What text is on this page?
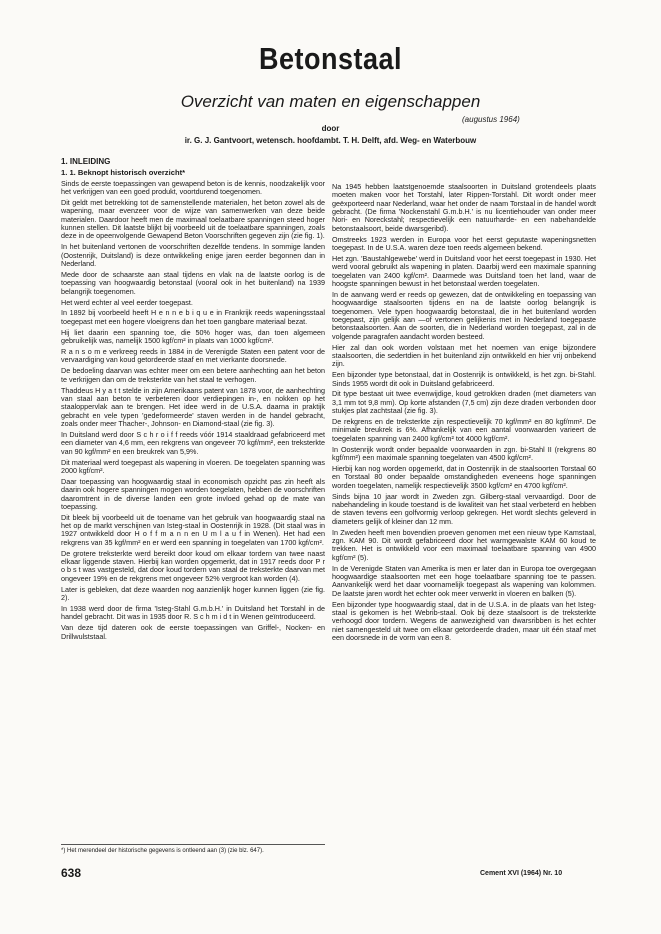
Betonstaal
Overzicht van maten en eigenschappen
(augustus 1964)
door
ir. G. J. Gantvoort, wetensch. hoofdambt. T. H. Delft, afd. Weg- en Waterbouw
1. INLEIDING
1. 1. Beknopt historisch overzicht*
Sinds de eerste toepassingen van gewapend beton is de kennis, noodzakelijk voor het verkrijgen van een goed produkt, voortdurend toegenomen.
Dit geldt met betrekking tot de samenstellende materialen, het beton zowel als de wapening, maar evenzeer voor de wijze van samenwerken van deze beide materialen. Daardoor heeft men de maximaal toelaatbare spanningen steed hoger kunnen stellen. Dit laatste blijkt bij voorbeeld uit de toelaatbare spanningen, zoals deze in de opeenvolgende Gewapend Beton Voorschriften gegeven zijn (zie fig. 1).
In het buitenland vertonen de voorschriften dezelfde tendens. In sommige landen (Oostenrijk, Duitsland) is deze ontwikkeling enige jaren eerder begonnen dan in Nederland.
Mede door de schaarste aan staal tijdens en vlak na de laatste oorlog is de toepassing van hoogwaardig betonstaal (vooral ook in het buitenland) na 1939 belangrijk toegenomen.
Het werd echter al veel eerder toegepast.
In 1892 bij voorbeeld heeft H e n n e b i q u e in Frankrijk reeds wapeningsstaal toegepast met een hogere vloeigrens dan het toen gangbare materiaal bezat.
Hij liet daarin een spanning toe, die 50% hoger was, dan toen algemeen gebruikelijk was, namelijk 1500 kgf/cm² in plaats van 1000 kgf/cm².
R a n s o m e verkreeg reeds in 1884 in de Verenigde Staten een patent voor de vervaardiging van koud getordeerde staaf en met vierkante doorsnede.
De bedoeling daarvan was echter meer om een betere aanhechting aan het beton te verkrijgen dan om de treksterkte van het staal te verhogen.
Thaddeus H y a t t stelde in zijn Amerikaans patent van 1878 voor, de aanhechting van staal aan beton te verbeteren door verdiepingen in-, en nokken op het staaloppervlak aan te brengen. Het idee werd in de U.S.A. daarna in praktijk gebracht en vele typen 'gedeformeerde' staven werden in de handel gebracht, zoals onder meer Thacher-, Johnson- en Diamond-staal (zie fig. 3).
In Duitsland werd door S c h r o i f f reeds vóór 1914 staaldraad gefabriceerd met een diameter van 4,6 mm, een rekgrens van ongeveer 70 kgf/mm², een treksterkte van 90 kgf/mm² en een breukrek van 5,9%.
Dit materiaal werd toegepast als wapening in vloeren. De toegelaten spanning was 2000 kgf/cm².
Daar toepassing van hoogwaardig staal in economisch opzicht pas zin heeft als daarin ook hogere spanningen mogen worden toegelaten, hebben de voorschriften daaromtrent in de diverse landen een grote invloed gehad op de mate van toepassing.
Dit bleek bij voorbeeld uit de toename van het gebruik van hoogwaardig staal na het op de markt verschijnen van Isteg-staal in Oostenrijk in 1928. (Dit staal was in 1927 ontwikkeld door H o f f m a n n en U m l a u f in Wenen). Het had een rekgrens van 35 kgf/mm² en er werd een spanning in toegelaten van 1700 kgf/cm².
De grotere treksterkte werd bereikt door koud om elkaar tordern van twee naast elkaar liggende staven. Hierbij kan worden opgemerkt, dat in 1917 reeds door P r o b s t was vastgesteld, dat door koud tordern van staal de treksterkte daarvan met ongeveer 19% en de rekgrens met ongeveer 52% vergroot kan worden (4).
Later is gebleken, dat deze waarden nog aanzienlijk hoger kunnen liggen (zie fig. 2).
In 1938 werd door de firma 'Isteg-Stahl G.m.b.H.' in Duitsland het Torstahl in de handel gebracht. Dit was in 1935 door R. S c h m i d t in Wenen geïntroduceerd.
Van deze tijd dateren ook de eerste toepassingen van Griffel-, Nocken- en Drillwulststaal.
Na 1945 hebben laatstgenoemde staalsoorten in Duitsland grotendeels plaats moeten maken voor het Torstahl, later Rippen-Torstahl. Dit wordt onder meer geëxporteerd naar Nederland, waar het onder de naam Torstaal in de handel wordt gebracht. (De firma 'Nockenstahl G.m.b.H.' is nu licentiehouder van onder meer Nori- en Noreckstahl; respectievelijk een natuurharde- en een nabehandelde betonstaalsoort, beide dwarsgeribd).
Omstreeks 1923 werden in Europa voor het eerst geputaste wapeningsnetten toegepast. In de U.S.A. waren deze toen reeds algemeen bekend.
Het zgn. 'Baustahlgewebe' werd in Duitsland voor het eerst toegepast in 1930. Het werd vooral gebruikt als wapening in platen. Daarbij werd een maximale spanning toegelaten van 2400 kgf/cm². Daarmede was Duitsland toen het land, waar de hoogste spanningen bewust in het betonstaal werden toegelaten.
In de aanvang werd er reeds op gewezen, dat de ontwikkeling en toepassing van hoogwaardige staalsoorten tijdens en na de laatste oorlog belangrijk is toegenomen. Vele typen hoogwaardig betonstaal, die in het buitenland worden toegepast, zijn gelijk aan —of vertonen gelijkenis met in Nederland toegepaste betonstaalsoorten. Aan de soorten, die in Nederland worden toegepast, zal in de volgende paragrafen aandacht worden besteed.
Hier zal dan ook worden volstaan met het noemen van enige bijzondere staalsoorten, die sedertdien in het buitenland zijn ontwikkeld en hier vrij onbekend zijn.
Een bijzonder type betonstaal, dat in Oostenrijk is ontwikkeld, is het zgn. bi-Stahl. Sinds 1955 wordt dit ook in Duitsland gefabriceerd.
Dit type bestaat uit twee evenwijdige, koud getrokken draden (met diameters van 3,1 mm tot 9,8 mm). Op korte afstanden (7,5 cm) zijn deze draden verbonden door stukjes plat zachtstaal (zie fig. 3).
De rekgrens en de treksterkte zijn respectievelijk 70 kgf/mm² en 80 kgf/mm². De minimale breukrek is 6%. Afhankelijk van een aantal voorwaarden varieert de toegelaten spanning van 2400 kgf/cm² tot 4000 kgf/cm².
In Oostenrijk wordt onder bepaalde voorwaarden in zgn. bi-Stahl II (rekgrens 80 kgf/mm²) een maximale spanning toegelaten van 4500 kgf/cm².
Hierbij kan nog worden opgemerkt, dat in Oostenrijk in de staalsoorten Torstaal 60 en Torstaal 80 onder bepaalde omstandigheden eveneens hoge spanningen worden toegelaten, namelijk respectievelijk 3500 kgf/cm² en 4700 kgf/cm².
Sinds bijna 10 jaar wordt in Zweden zgn. Gilberg-staal vervaardigd. Door de nabehandeling in koude toestand is de kwaliteit van het staal verbeterd en hebben de staven tevens een golfvormig verloop gekregen. Het wordt slechts geleverd in diameters gelijk of kleiner dan 12 mm.
In Zweden heeft men bovendien proeven genomen met een nieuw type Kamstaal, zgn. KAM 90. Dit wordt gefabriceerd door het warmgewalste KAM 60 koud te trekken. Het is ontwikkeld voor een maximaal toelaatbare spanning van 4900 kgf/cm² (5).
In de Verenigde Staten van Amerika is men er later dan in Europa toe overgegaan hoogwaardige staalsoorten met een hoge toelaatbare spanning toe te passen. Aanvankelijk werd het daar voornamelijk toegepast als wapening van kolommen. De laatste jaren wordt het echter ook meer verwerkt in vloeren en balken (5).
Een bijzonder type hoogwaardig staal, dat in de U.S.A. in de plaats van het Isteg-staal is gekomen is het Webrib-staal. Ook bij deze staalsoort is de treksterkte verhoogd door tordern. Wegens de aanwezigheid van dwarsribben is het echter niet samengesteld uit twee om elkaar getordeerde draden, maar uit één staaf met een doorsnede in de vorm van een 8.
*) Het merendeel der historische gegevens is ontleend aan (3) (zie blz. 647).
638	Cement XVI (1964) Nr. 10
